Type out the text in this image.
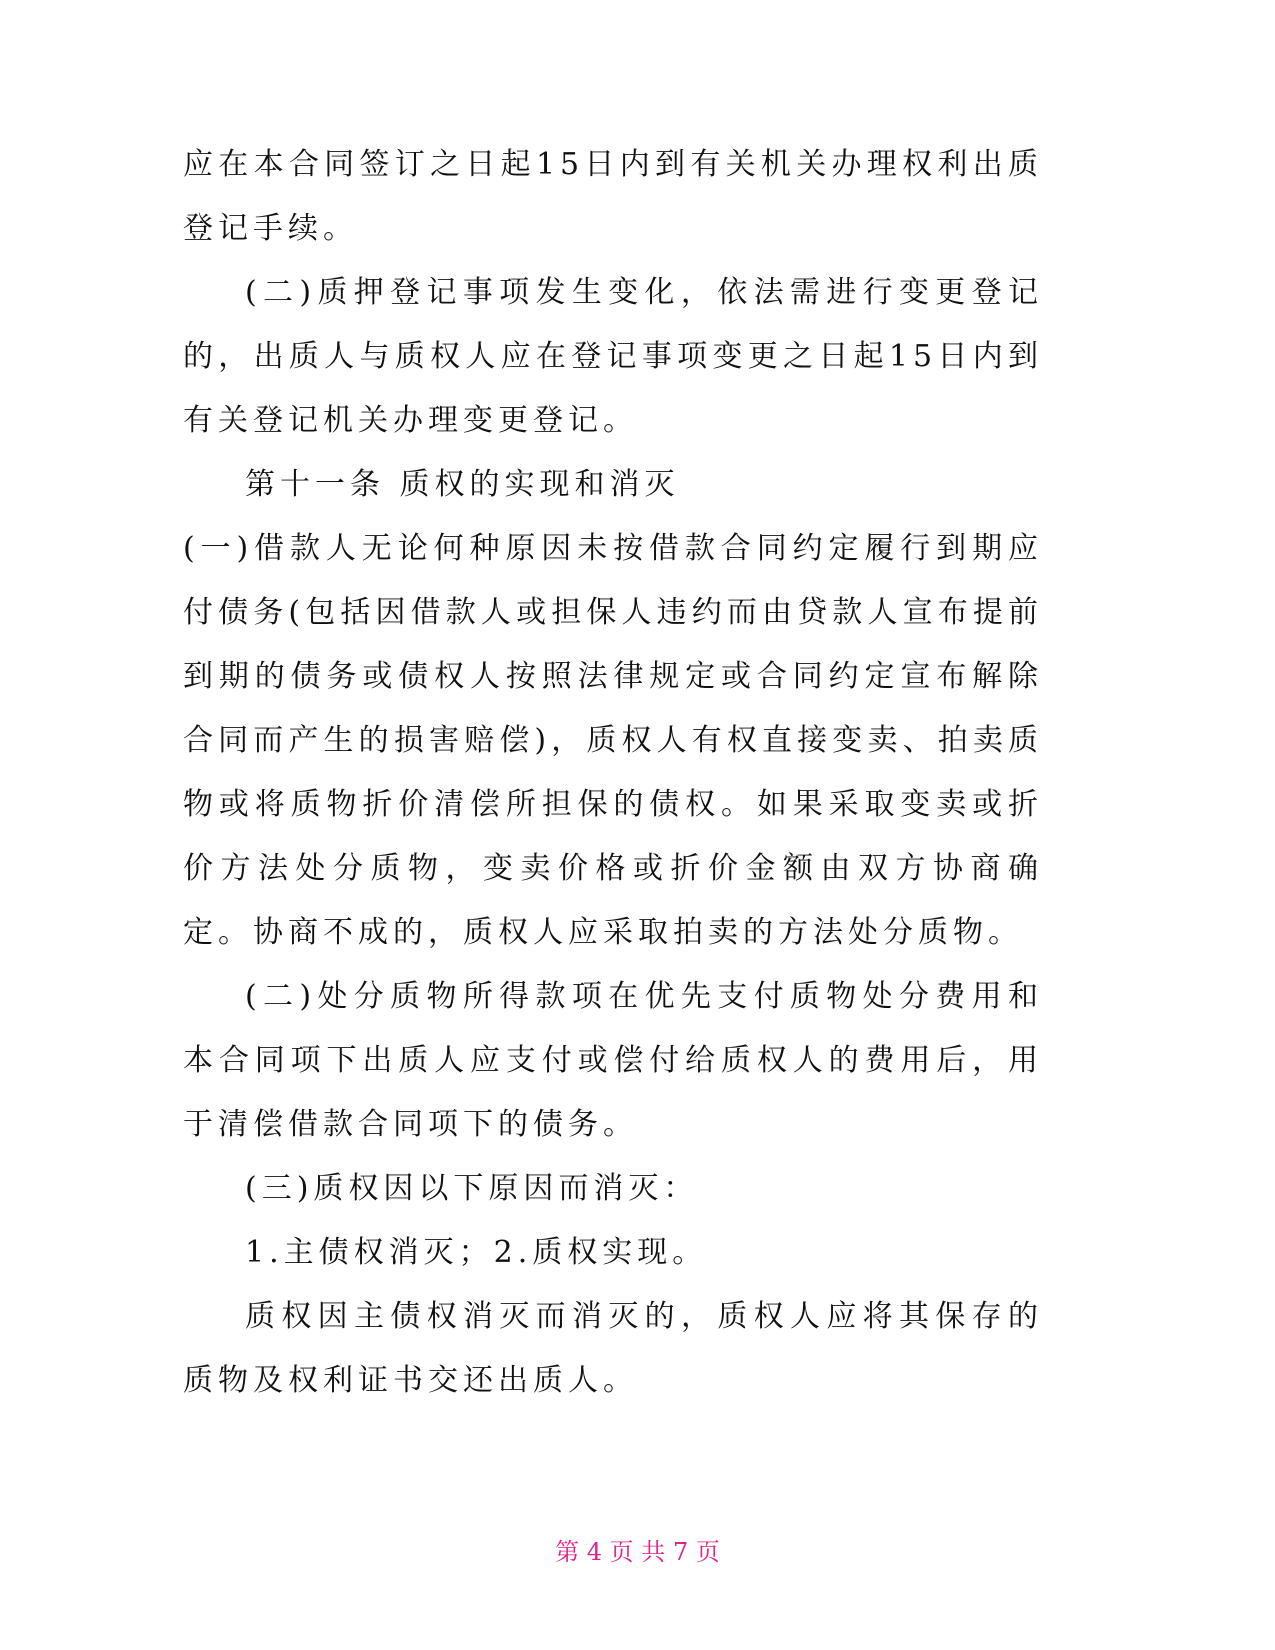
应在本合同签订之日起15日内到有关机关办理权利出质登记手续。

(二)质押登记事项发生变化，依法需进行变更登记的，出质人与质权人应在登记事项变更之日起15日内到有关登记机关办理变更登记。

第十一条 质权的实现和消灭

(一)借款人无论何种原因未按借款合同约定履行到期应付债务(包括因借款人或担保人违约而由贷款人宣布提前到期的债务或债权人按照法律规定或合同约定宣布解除合同而产生的损害赔偿)，质权人有权直接变卖、拍卖质物或将质物折价清偿所担保的债权。如果采取变卖或折价方法处分质物，变卖价格或折价金额由双方协商确定。协商不成的，质权人应采取拍卖的方法处分质物。

(二)处分质物所得款项在优先支付质物处分费用和本合同项下出质人应支付或偿付给质权人的费用后，用于清偿借款合同项下的债务。

(三)质权因以下原因而消灭：

1.主债权消灭；2.质权实现。

质权因主债权消灭而消灭的，质权人应将其保存的质物及权利证书交还出质人。

第 4 页 共 7 页
